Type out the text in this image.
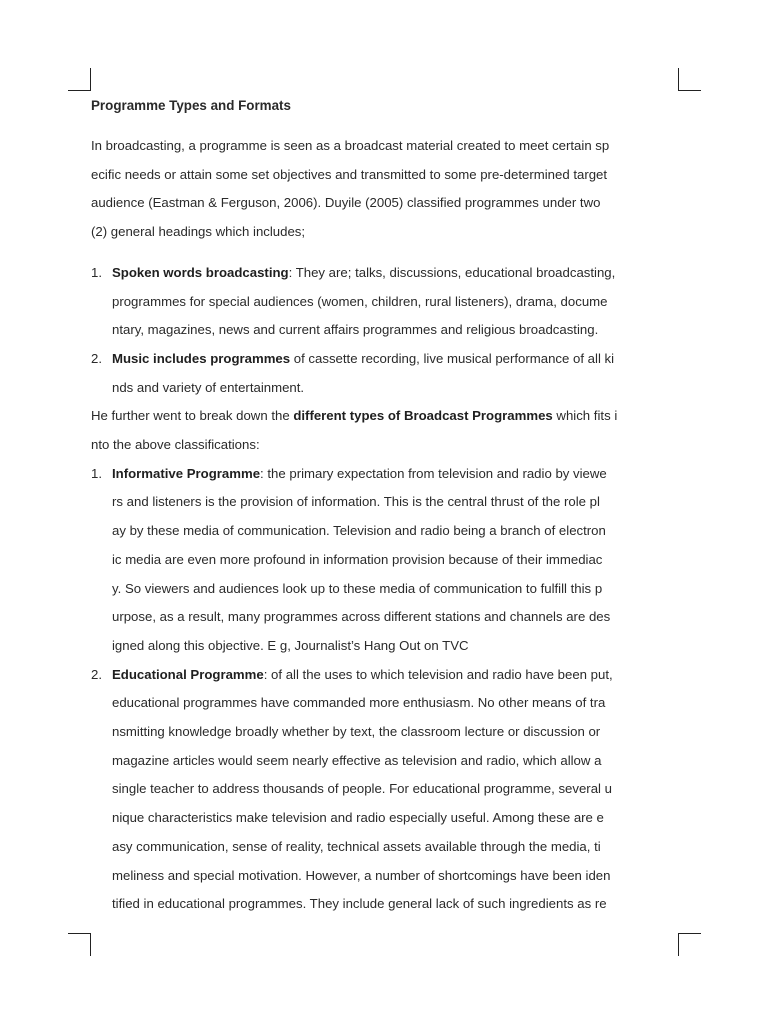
Programme Types and Formats
In broadcasting, a programme is seen as a broadcast material created to meet certain sp
ecific needs or attain some set objectives and transmitted to some pre-determined target
audience (Eastman & Ferguson, 2006). Duyile (2005) classified programmes under two
(2) general headings which includes;
1. Spoken words broadcasting: They are; talks, discussions, educational broadcasting,
programmes for special audiences (women, children, rural listeners), drama, docume
ntary, magazines, news and current affairs programmes and religious broadcasting.
2. Music includes programmes of cassette recording, live musical performance of all ki
nds and variety of entertainment.
He further went to break down the different types of Broadcast Programmes which fits i
nto the above classifications:
1. Informative Programme: the primary expectation from television and radio by viewe
rs and listeners is the provision of information. This is the central thrust of the role pl
ay by these media of communication. Television and radio being a branch of electron
ic media are even more profound in information provision because of their immediac
y. So viewers and audiences look up to these media of communication to fulfill this p
urpose, as a result, many programmes across different stations and channels are des
igned along this objective. E g, Journalist’s Hang Out on TVC
2. Educational Programme: of all the uses to which television and radio have been put,
educational programmes have commanded more enthusiasm. No other means of tra
nsmitting knowledge broadly whether by text, the classroom lecture or discussion or
magazine articles would seem nearly effective as television and radio, which allow a
single teacher to address thousands of people. For educational programme, several u
nique characteristics make television and radio especially useful. Among these are e
asy communication, sense of reality, technical assets available through the media, ti
meliness and special motivation. However, a number of shortcomings have been iden
tified in educational programmes. They include general lack of such ingredients as re
